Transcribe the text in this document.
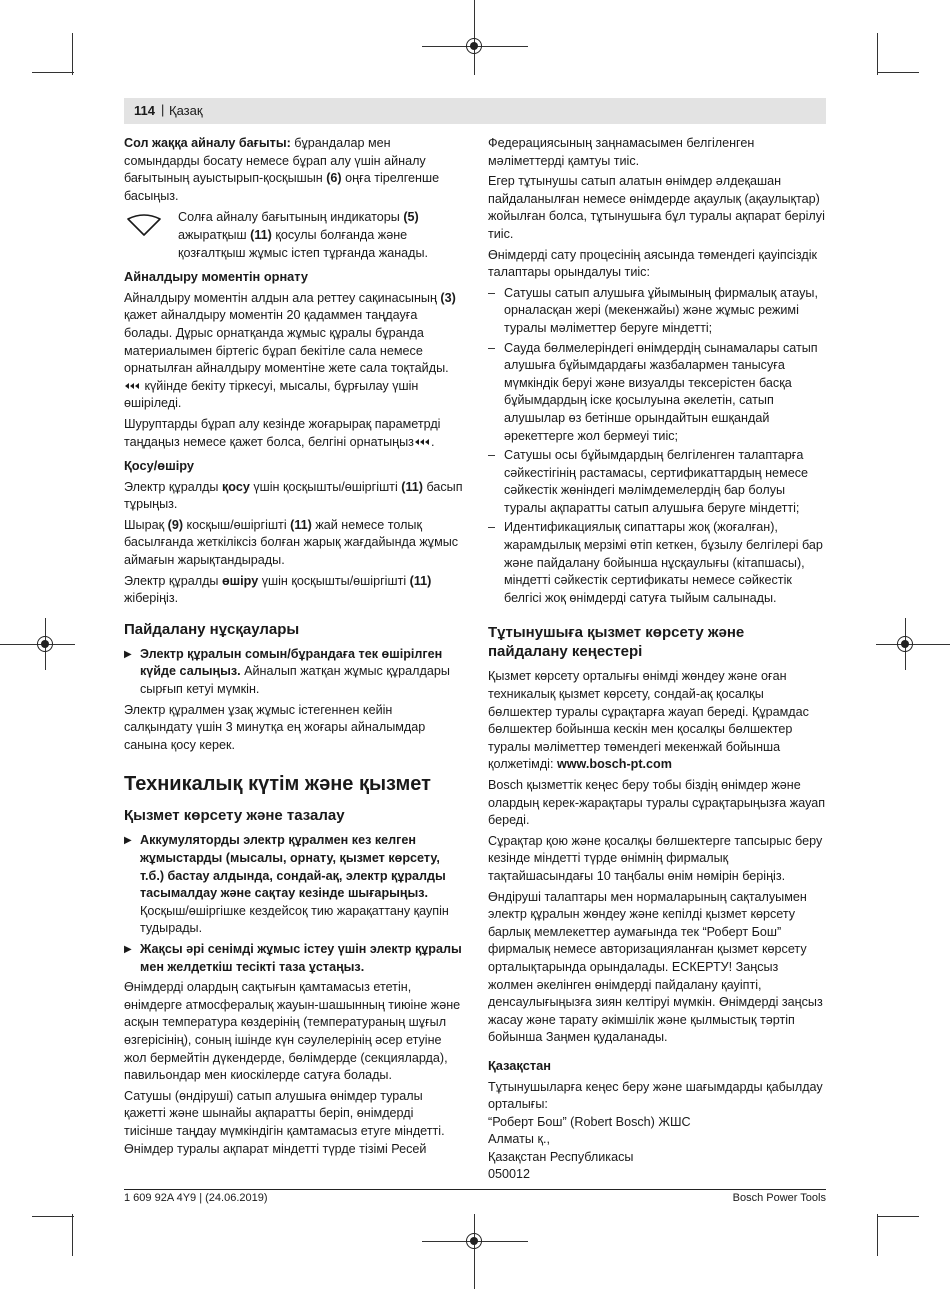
114 | Қазақ

Сол жаққа айналу бағыты: бұрандалар мен сомындарды босату немесе бұрап алу үшін айналу бағытының ауыстырып-қосқышын (6) оңға тірелгенше басыңыз.

Солға айналу бағытының индикаторы (5) ажыратқыш (11) қосулы болғанда және қозғалтқыш жұмыс істеп тұрғанда жанады.
Айналдыру моментін орнату

Айналдыру моментін алдын ала реттеу сақинасының (3) қажет айналдыру моментін 20 қадаммен таңдауға болады. Дұрыс орнатқанда жұмыс құралы бұранда материалымен біртегіс бұрап бекітіле сала немесе орнатылған айналдыру моментіне жете сала тоқтайды.
күйінде бекіту тіркесуі, мысалы, бұрғылау үшін өшіріледі.

Шуруптарды бұрап алу кезінде жоғарырақ параметрді таңдаңыз немесе қажет болса, белгіні орнатыңыз .

Қосу/өшіру

Электр құралды қосу үшін қосқышты/өшіргішті (11) басып тұрыңыз.

Шырақ (9) косқыш/өшіргішті (11) жай немесе толық басылғанда жеткіліксіз болған жарық жағдайында жұмыс аймағын жарықтандырады.

Электр құралды өшіру үшін қосқышты/өшіргішті (11) жіберіңіз.

Пайдалану нұсқаулары
▶ Электр құралын сомын/бұрандаға тек өшірілген күйде салыңыз. Айналып жатқан жұмыс құралдары сырғып кетуі мүмкін.

Электр құралмен ұзақ жұмыс істегеннен кейін салқындату үшін 3 минутқа ең жоғары айналымдар санына қосу керек.

Техникалық күтім және қызмет
Қызмет көрсету және тазалау
▶ Аккумуляторды электр құралмен кез келген жұмыстарды (мысалы, орнату, қызмет көрсету, т.б.) бастау алдында, сондай-ақ, электр құралды тасымалдау және сақтау кезінде шығарыңыз. Қосқыш/өшіргішке кездейсоқ тию жарақаттану қаупін тудырады.
▶ Жақсы әрі сенімді жұмыс істеу үшін электр құралы мен желдеткіш тесікті таза ұстаңыз.

Өнімдерді олардың сақтығын қамтамасыз ететін, өнімдерге атмосфералық жауын-шашынның тиюіне және асқын температура көздерінің (температураның шұғыл өзгерісінің), соның ішінде күн сәулелерінің әсер етуіне жол бермейтін дүкендерде, бөлімдерде (секцияларда), павильондар мен киоскілерде сатуға болады.

Сатушы (өндіруші) сатып алушыға өнімдер туралы қажетті және шынайы ақпаратты беріп, өнімдерді тиісінше таңдау мүмкіндігін қамтамасыз етуге міндетті. Өнімдер туралы ақпарат міндетті түрде тізімі Ресей

Федерациясының заңнамасымен белгіленген мәліметтерді қамтуы тиіс.

Егер тұтынушы сатып алатын өнімдер әлдеқашан пайдаланылған немесе өнімдерде ақаулық (ақаулықтар) жойылған болса, тұтынушыға бұл туралы ақпарат берілуі тиіс.

Өнімдерді сату процесінің аясында төмендегі қауіпсіздік талаптары орындалуы тиіс:

– Сатушы сатып алушыға ұйымының фирмалық атауы, орналасқан жері (мекенжайы) және жұмыс режимі туралы мәліметтер беруге міндетті;
– Сауда бөлмелеріндегі өнімдердің сынамалары сатып алушыға бұйымдардағы жазбалармен танысуға мүмкіндік беруі және визуалды тексерістен басқа бұйымдардың іске қосылуына әкелетін, сатып алушылар өз бетінше орындайтын ешқандай әрекеттерге жол бермеуі тиіс;
– Сатушы осы бұйымдардың белгіленген талаптарға сәйкестігінің растамасы, сертификаттардың немесе сәйкестік жөніндегі мәлімдемелердің бар болуы туралы ақпаратты сатып алушыға беруге міндетті;
– Идентификациялық сипаттары жоқ (жоғалған), жарамдылық мерзімі өтіп кеткен, бұзылу белгілері бар және пайдалану бойынша нұсқаулығы (кітапшасы), міндетті сәйкестік сертификаты немесе сәйкестік белгісі жоқ өнімдерді сатуға тыйым салынады.
Тұтынушыға қызмет көрсету және пайдалану кеңестері

Қызмет көрсету орталығы өнімді жөндеу және оған техникалық қызмет көрсету, сондай-ақ қосалқы бөлшектер туралы сұрақтарға жауап береді. Құрамдас бөлшектер бойынша кескін мен қосалқы бөлшектер туралы мәліметтер төмендегі мекенжай бойынша қолжетімді: www.bosch-pt.com

Bosch қызметтік кеңес беру тобы біздің өнімдер және олардың керек-жарақтары туралы сұрақтарыңызға жауап береді.

Сұрақтар қою және қосалқы бөлшектерге тапсырыс беру кезінде міндетті түрде өнімнің фирмалық тақтайшасындағы 10 таңбалы өнім нөмірін беріңіз.

Өндіруші талаптары мен нормаларының сақталуымен электр құралын жөндеу және кепілді қызмет көрсету барлық мемлекеттер аумағында тек “Роберт Бош” фирмалық немесе авторизацияланған қызмет көрсету орталықтарында орындалады. ЕСКЕРТУ! Заңсыз жолмен әкелінген өнімдерді пайдалану қауіпті, денсаулығыңызға зиян келтіруі мүмкін. Өнімдерді заңсыз жасау және тарату әкімшілік және қылмыстық тәртіп бойынша Заңмен қудаланады.

Қазақстан

Тұтынушыларға кеңес беру және шағымдарды қабылдау орталығы:

“Роберт Бош” (Robert Bosch) ЖШС

Алматы қ.,

Қазақстан Республикасы

050012

1 609 92A 4Y9 | (24.06.2019)	Bosch Power Tools
